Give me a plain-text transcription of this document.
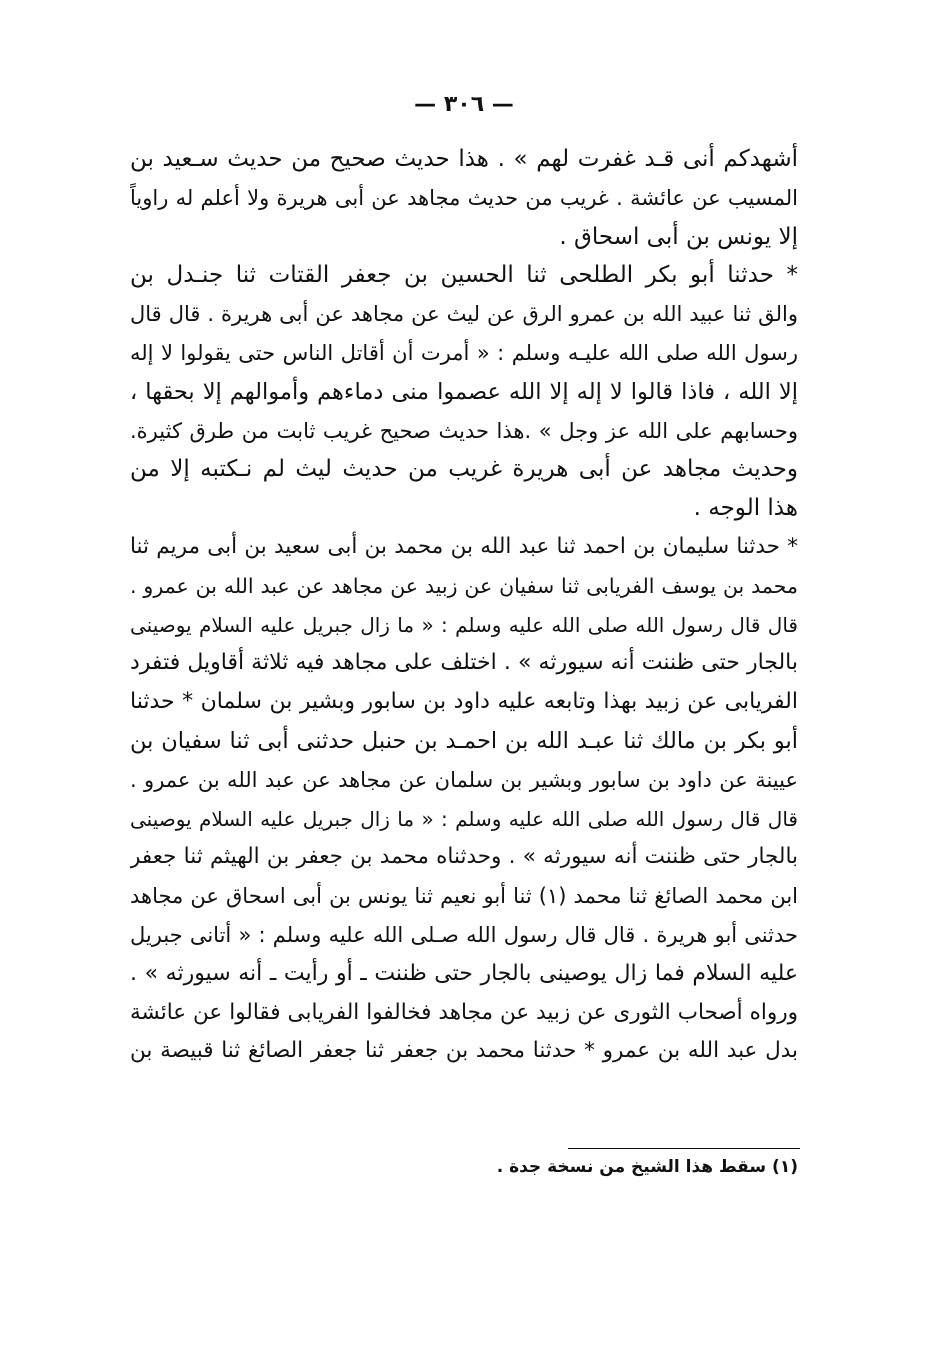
— ٣٠٦ —
أشهدكم أنى قـد غفرت لهم » . هذا حديث صحيح من حديث سـعيد بن
المسيب عن عائشة . غريب من حديث مجاهد عن أبى هريرة ولا أعلم له راوياً
إلا يونس بن أبى اسحاق .
* حدثنا أبو بكر الطلحى ثنا الحسين بن جعفر القتات ثنا جنـدل بن
والق ثنا عبيد الله بن عمرو الرق عن ليث عن مجاهد عن أبى هريرة . قال قال
رسول الله صلى الله عليـه وسلم : « أمرت أن أقاتل الناس حتى يقولوا لا إله
إلا الله ، فاذا قالوا لا إله إلا الله عصموا منى دماءهم وأموالهم إلا بحقها ،
وحسابهم على الله عز وجل » .هذا حديث صحيح غريب ثابت من طرق كثيرة.
وحديث مجاهد عن أبى هريرة غريب من حديث ليث لم نـكتبه إلا من
هذا الوجه .
* حدثنا سليمان بن احمد ثنا عبد الله بن محمد بن أبى سعيد بن أبى مريم ثنا
محمد بن يوسف الفريابى ثنا سفيان عن زبيد عن مجاهد عن عبد الله بن عمرو .
قال قال رسول الله صلى الله عليه وسلم : « ما زال جبريل عليه السلام يوصينى
بالجار حتى ظننت أنه سيورثه » . اختلف على مجاهد فيه ثلاثة أقاويل فتفرد
الفريابى عن زبيد بهذا وتابعه عليه داود بن سابور وبشير بن سلمان * حدثنا
أبو بكر بن مالك ثنا عبـد الله بن احمـد بن حنبل حدثنى أبى ثنا سفيان بن
عيينة عن داود بن سابور وبشير بن سلمان عن مجاهد عن عبد الله بن عمرو .
قال قال رسول الله صلى الله عليه وسلم : « ما زال جبريل عليه السلام يوصينى
بالجار حتى ظننت أنه سيورثه » . وحدثناه محمد بن جعفر بن الهيثم ثنا جعفر
ابن محمد الصائغ ثنا محمد (١) ثنا أبو نعيم ثنا يونس بن أبى اسحاق عن مجاهد
حدثنى أبو هريرة . قال قال رسول الله صـلى الله عليه وسلم : « أتانى جبريل
عليه السلام فما زال يوصينى بالجار حتى ظننت ـ أو رأيت ـ أنه سيورثه » .
ورواه أصحاب الثورى عن زبيد عن مجاهد فخالفوا الفريابى فقالوا عن عائشة
بدل عبد الله بن عمرو * حدثنا محمد بن جعفر ثنا جعفر الصائغ ثنا قبيصة بن
(١) سقط هذا الشيخ من نسخة جدة .
